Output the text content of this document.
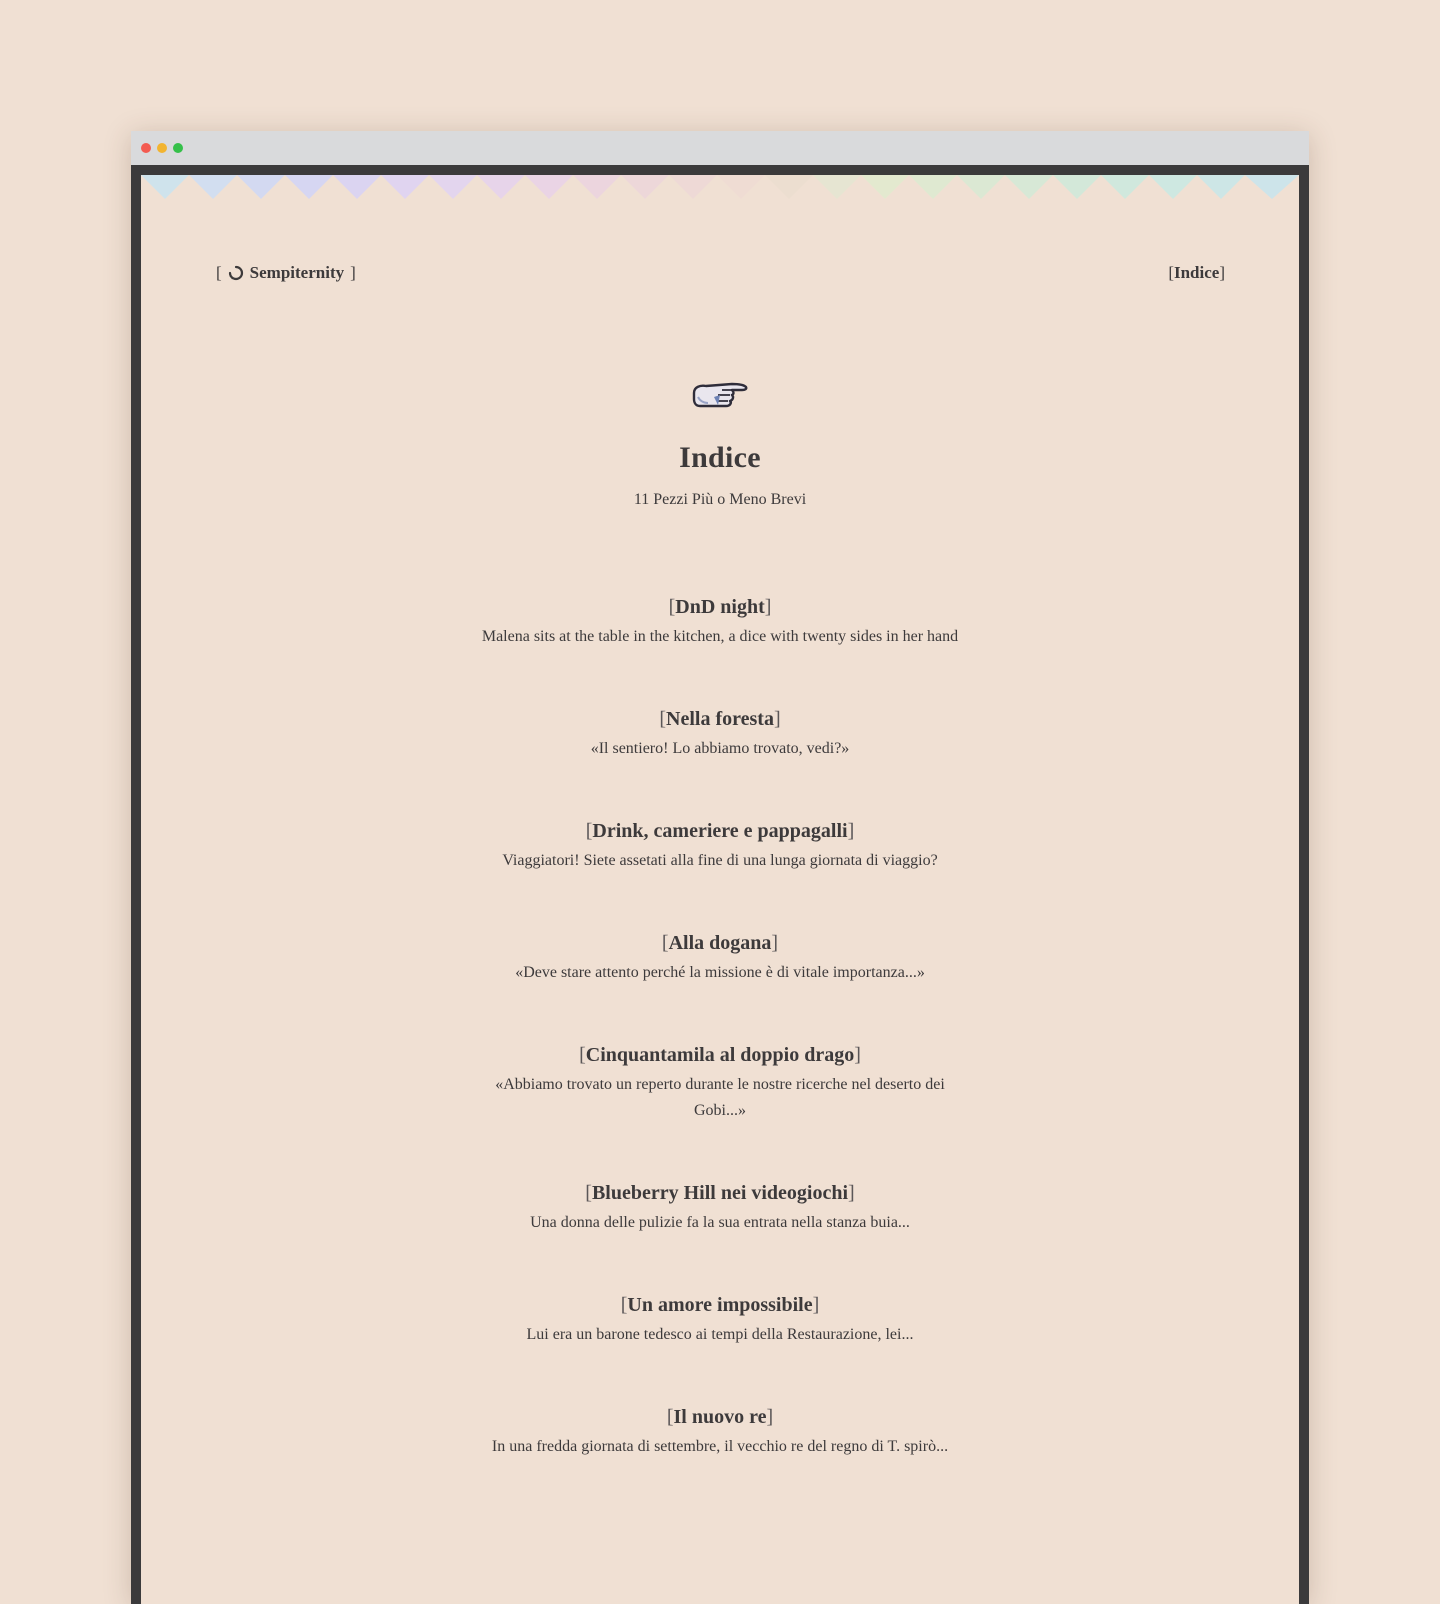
[ Sempiternity ]	[Indice]
Indice

11 Pezzi Più o Meno Brevi

[DnD night]
Malena sits at the table in the kitchen, a dice with twenty sides in her hand
[Nella foresta]
«Il sentiero! Lo abbiamo trovato, vedi?»
[Drink, cameriere e pappagalli]
Viaggiatori! Siete assetati alla fine di una lunga giornata di viaggio?
[Alla dogana]
«Deve stare attento perché la missione è di vitale importanza...»
[Cinquantamila al doppio drago]
«Abbiamo trovato un reperto durante le nostre ricerche nel deserto dei Gobi...»
[Blueberry Hill nei videogiochi]
Una donna delle pulizie fa la sua entrata nella stanza buia...
[Un amore impossibile]
Lui era un barone tedesco ai tempi della Restaurazione, lei...
[Il nuovo re]
In una fredda giornata di settembre, il vecchio re del regno di T. spirò...
